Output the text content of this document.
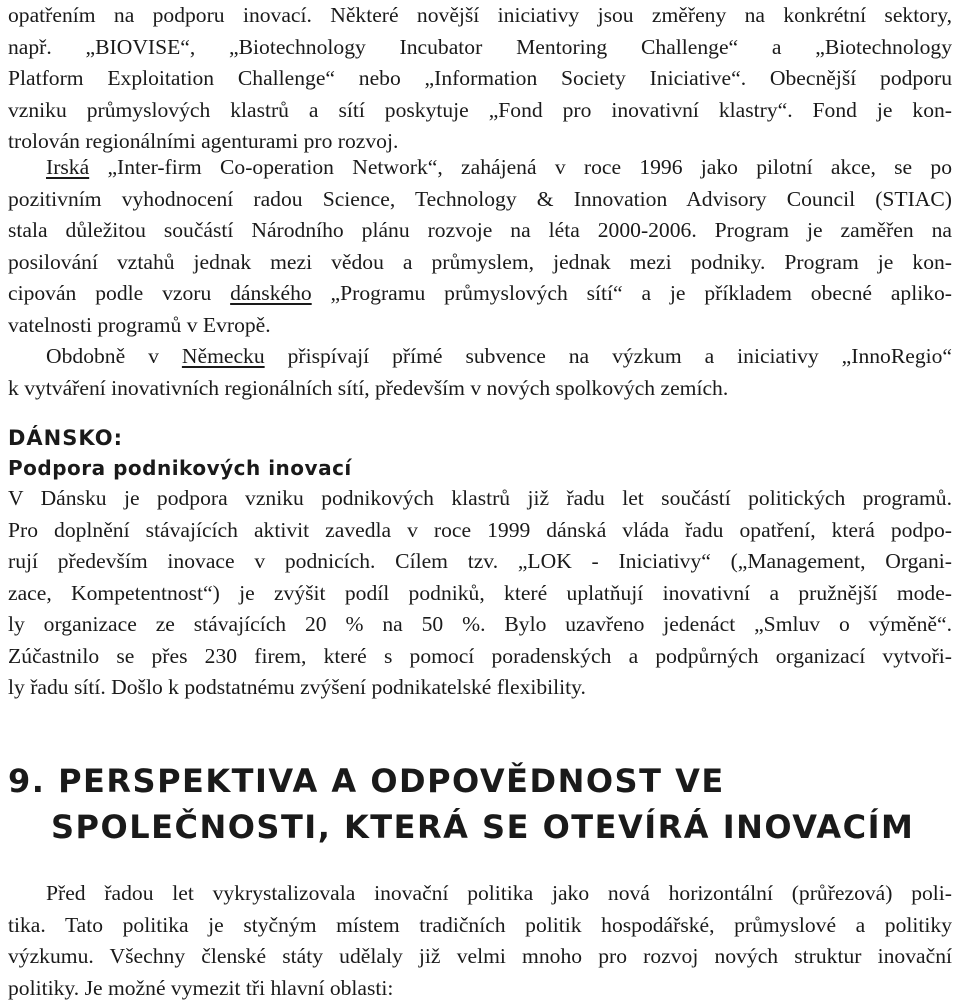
opatřením na podporu inovací. Některé novější iniciativy jsou změřeny na konkrétní sektory,
např. „BIOVISE“, „Biotechnology Incubator Mentoring Challenge“ a „Biotechnology
Platform Exploitation Challenge“ nebo „Information Society Iniciative“. Obecnější podporu
vzniku průmyslových klastrů a sítí poskytuje „Fond pro inovativní klastry“. Fond je kon-
trolován regionálními agenturami pro rozvoj.
Irská „Inter-firm Co-operation Network“, zahájená v roce 1996 jako pilotní akce, se po
pozitivním vyhodnocení radou Science, Technology & Innovation Advisory Council (STIAC)
stala důležitou součástí Národního plánu rozvoje na léta 2000-2006. Program je zaměřen na
posilování vztahů jednak mezi vědou a průmyslem, jednak mezi podniky. Program je kon-
cipován podle vzoru dánského „Programu průmyslových sítí“ a je příkladem obecné apliko-
vatelnosti programů v Evropě.
Obdobně v Německu přispívají přímé subvence na výzkum a iniciativy „InnoRegio“
k vytváření inovativních regionálních sítí, především v nových spolkových zemích.
DÁNSKO:
Podpora podnikových inovací
V Dánsku je podpora vzniku podnikových klastrů již řadu let součástí politických programů.
Pro doplnění stávajících aktivit zavedla v roce 1999 dánská vláda řadu opatření, která podpo-
rují především inovace v podnicích. Cílem tzv. „LOK - Iniciativy“ („Management, Organi-
zace, Kompetentnost“) je zvýšit podíl podniků, které uplatňují inovativní a pružnější mode-
ly organizace ze stávajících 20 % na 50 %. Bylo uzavřeno jedenáct „Smluv o výměně“.
Zúčastnilo se přes 230 firem, které s pomocí poradenských a podpůrných organizací vytvoři-
ly řadu sítí. Došlo k podstatnému zvýšení podnikatelské flexibility.
9. PERSPEKTIVA A ODPOVĚDNOST VE
SPOLEČNOSTI, KTERÁ SE OTEVÍRÁ INOVACÍM
Před řadou let vykrystalizovala inovační politika jako nová horizontální (průřezová) poli-
tika. Tato politika je styčným místem tradičních politik hospodářské, průmyslové a politiky
výzkumu. Všechny členské státy udělaly již velmi mnoho pro rozvoj nových struktur inovační
politiky. Je možné vymezit tři hlavní oblasti:
